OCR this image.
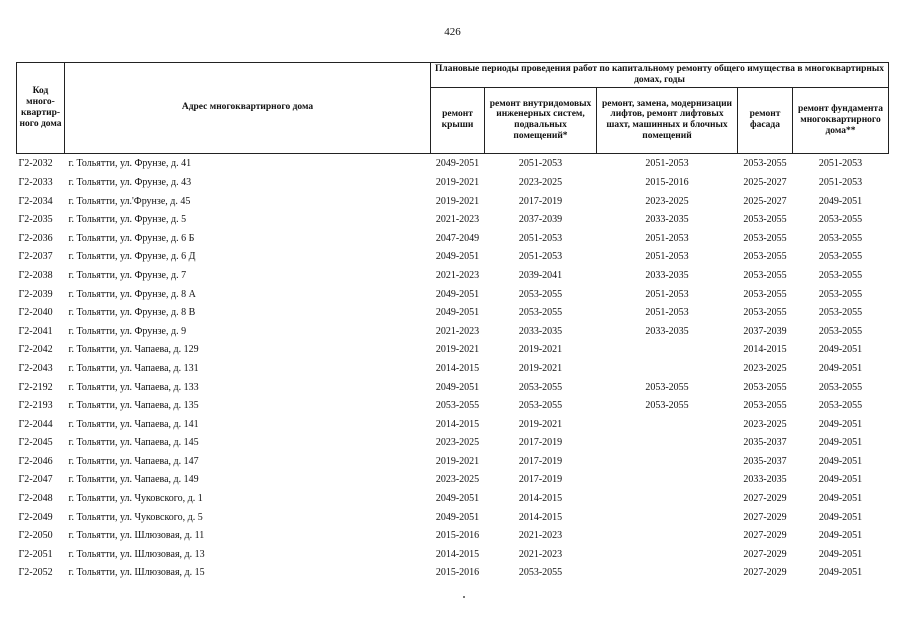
426
Код много-квартир-ного дома	Адрес многоквартирного дома	Плановые периоды проведения работ по капитальному ремонту общего имущества в многоквартирных домах, годы				
		ремонт крыши	ремонт внутридомовых инженерных систем, подвальных помещений*	ремонт, замена, модернизации лифтов, ремонт лифтовых шахт, машинных и блочных помещений	ремонт фасада	ремонт фундамента многоквартирного дома**
Г2-2032	г. Тольятти, ул. Фрунзе, д. 41	2049-2051	2051-2053	2051-2053	2053-2055	2051-2053
Г2-2033	г. Тольятти, ул. Фрунзе, д. 43	2019-2021	2023-2025	2015-2016	2025-2027	2051-2053
Г2-2034	г. Тольятти, ул.'Фрунзе, д. 45	2019-2021	2017-2019	2023-2025	2025-2027	2049-2051
Г2-2035	г. Тольятти, ул. Фрунзе, д. 5	2021-2023	2037-2039	2033-2035	2053-2055	2053-2055
Г2-2036	г. Тольятти, ул. Фрунзе, д. 6 Б	2047-2049	2051-2053	2051-2053	2053-2055	2053-2055
Г2-2037	г. Тольятти, ул. Фрунзе, д. 6 Д	2049-2051	2051-2053	2051-2053	2053-2055	2053-2055
Г2-2038	г. Тольятти, ул. Фрунзе, д. 7	2021-2023	2039-2041	2033-2035	2053-2055	2053-2055
Г2-2039	г. Тольятти, ул. Фрунзе, д. 8 А	2049-2051	2053-2055	2051-2053	2053-2055	2053-2055
Г2-2040	г. Тольятти, ул. Фрунзе, д. 8 В	2049-2051	2053-2055	2051-2053	2053-2055	2053-2055
Г2-2041	г. Тольятти, ул. Фрунзе, д. 9	2021-2023	2033-2035	2033-2035	2037-2039	2053-2055
Г2-2042	г. Тольятти, ул. Чапаева, д. 129	2019-2021	2019-2021		2014-2015	2049-2051
Г2-2043	г. Тольятти, ул. Чапаева, д. 131	2014-2015	2019-2021		2023-2025	2049-2051
Г2-2192	г. Тольятти, ул. Чапаева, д. 133	2049-2051	2053-2055	2053-2055	2053-2055	2053-2055
Г2-2193	г. Тольятти, ул. Чапаева, д. 135	2053-2055	2053-2055	2053-2055	2053-2055	2053-2055
Г2-2044	г. Тольятти, ул. Чапаева, д. 141	2014-2015	2019-2021		2023-2025	2049-2051
Г2-2045	г. Тольятти, ул. Чапаева, д. 145	2023-2025	2017-2019		2035-2037	2049-2051
Г2-2046	г. Тольятти, ул. Чапаева, д. 147	2019-2021	2017-2019		2035-2037	2049-2051
Г2-2047	г. Тольятти, ул. Чапаева, д. 149	2023-2025	2017-2019		2033-2035	2049-2051
Г2-2048	г. Тольятти, ул. Чуковского, д. 1	2049-2051	2014-2015		2027-2029	2049-2051
Г2-2049	г. Тольятти, ул. Чуковского, д. 5	2049-2051	2014-2015		2027-2029	2049-2051
Г2-2050	г. Тольятти, ул. Шлюзовая, д. 11	2015-2016	2021-2023		2027-2029	2049-2051
Г2-2051	г. Тольятти, ул. Шлюзовая, д. 13	2014-2015	2021-2023		2027-2029	2049-2051
Г2-2052	г. Тольятти, ул. Шлюзовая, д. 15	2015-2016	2053-2055		2027-2029	2049-2051
